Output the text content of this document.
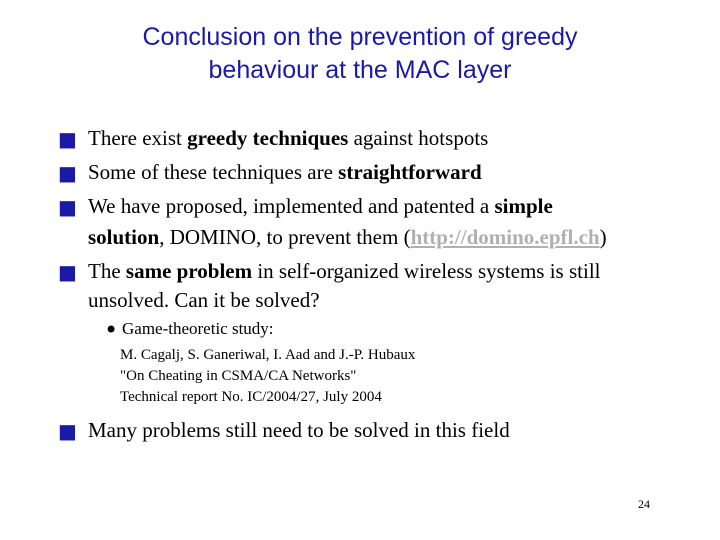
Conclusion on the prevention of greedy
behaviour at the MAC layer
■ There exist greedy techniques against hotspots
■ Some of these techniques are straightforward
■ We have proposed, implemented and patented a simple
solution, DOMINO, to prevent them (http://domino.epfl.ch)
■ The same problem in self-organized wireless systems is still
unsolved. Can it be solved?
• Game-theoretic study:
M. Cagalj, S. Ganeriwal, I. Aad and J.-P. Hubaux
"On Cheating in CSMA/CA Networks"
Technical report No. IC/2004/27, July 2004
■ Many problems still need to be solved in this field
24
